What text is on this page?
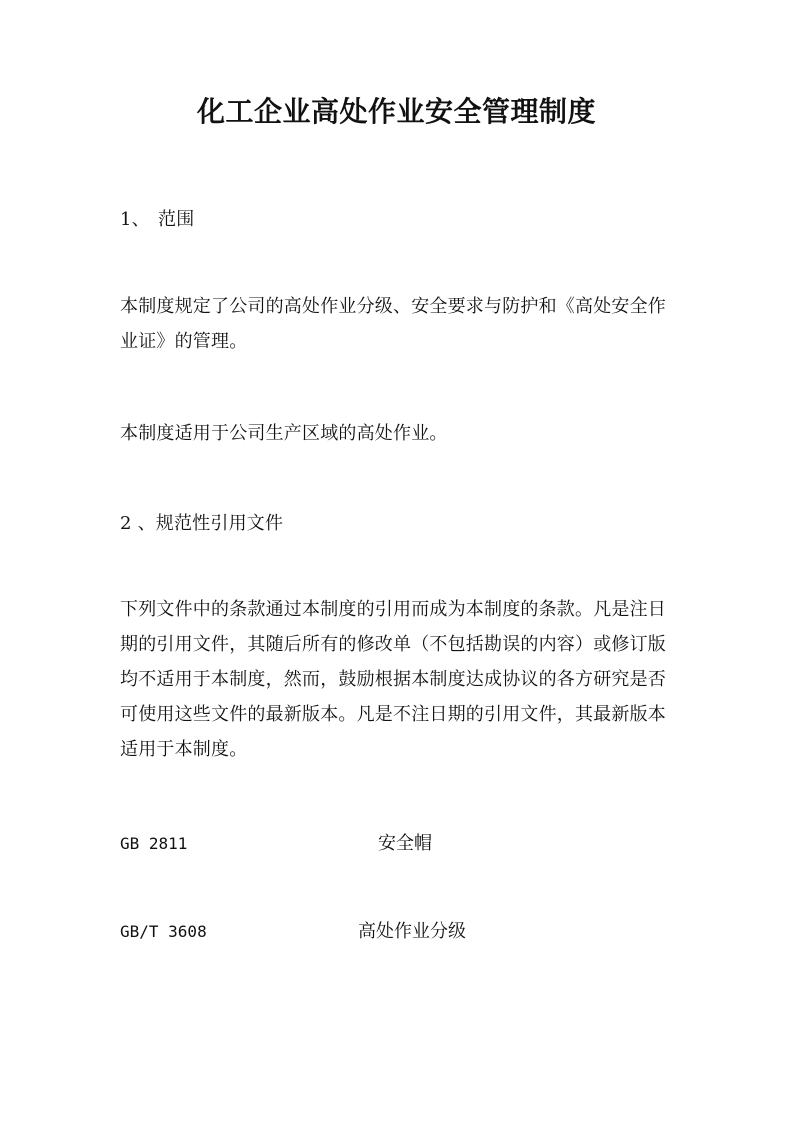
化工企业高处作业安全管理制度
1、 范围
本制度规定了公司的高处作业分级、安全要求与防护和《高处安全作业证》的管理。
本制度适用于公司生产区域的高处作业。
2 、规范性引用文件
下列文件中的条款通过本制度的引用而成为本制度的条款。凡是注日期的引用文件，其随后所有的修改单（不包括勘误的内容）或修订版均不适用于本制度，然而，鼓励根据本制度达成协议的各方研究是否可使用这些文件的最新版本。凡是不注日期的引用文件，其最新版本适用于本制度。
GB 2811	安全帽
GB/T 3608	高处作业分级
